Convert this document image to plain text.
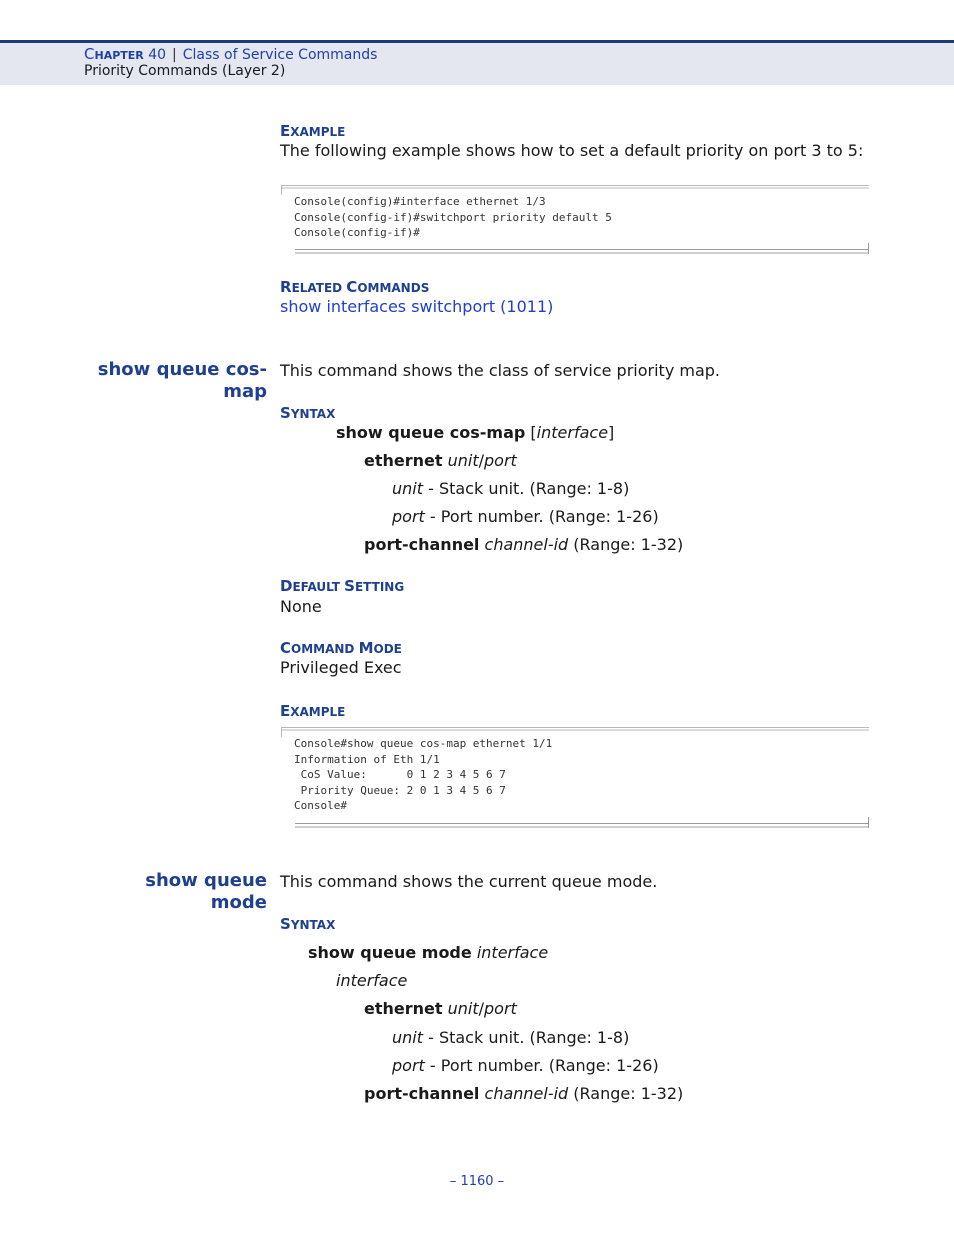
CHAPTER 40 | Class of Service Commands
Priority Commands (Layer 2)
EXAMPLE
The following example shows how to set a default priority on port 3 to 5:
Console(config)#interface ethernet 1/3
Console(config-if)#switchport priority default 5
Console(config-if)#
RELATED COMMANDS
show interfaces switchport (1011)
show queue cos-
map
This command shows the class of service priority map.
SYNTAX
show queue cos-map [interface]
ethernet unit/port
unit - Stack unit. (Range: 1-8)
port - Port number. (Range: 1-26)
port-channel channel-id (Range: 1-32)
DEFAULT SETTING
None
COMMAND MODE
Privileged Exec
EXAMPLE
Console#show queue cos-map ethernet 1/1
Information of Eth 1/1
CoS Value:      0 1 2 3 4 5 6 7
Priority Queue: 2 0 1 3 4 5 6 7
Console#
show queue mode
This command shows the current queue mode.
SYNTAX
show queue mode interface
interface
ethernet unit/port
unit - Stack unit. (Range: 1-8)
port - Port number. (Range: 1-26)
port-channel channel-id (Range: 1-32)
– 1160 –
